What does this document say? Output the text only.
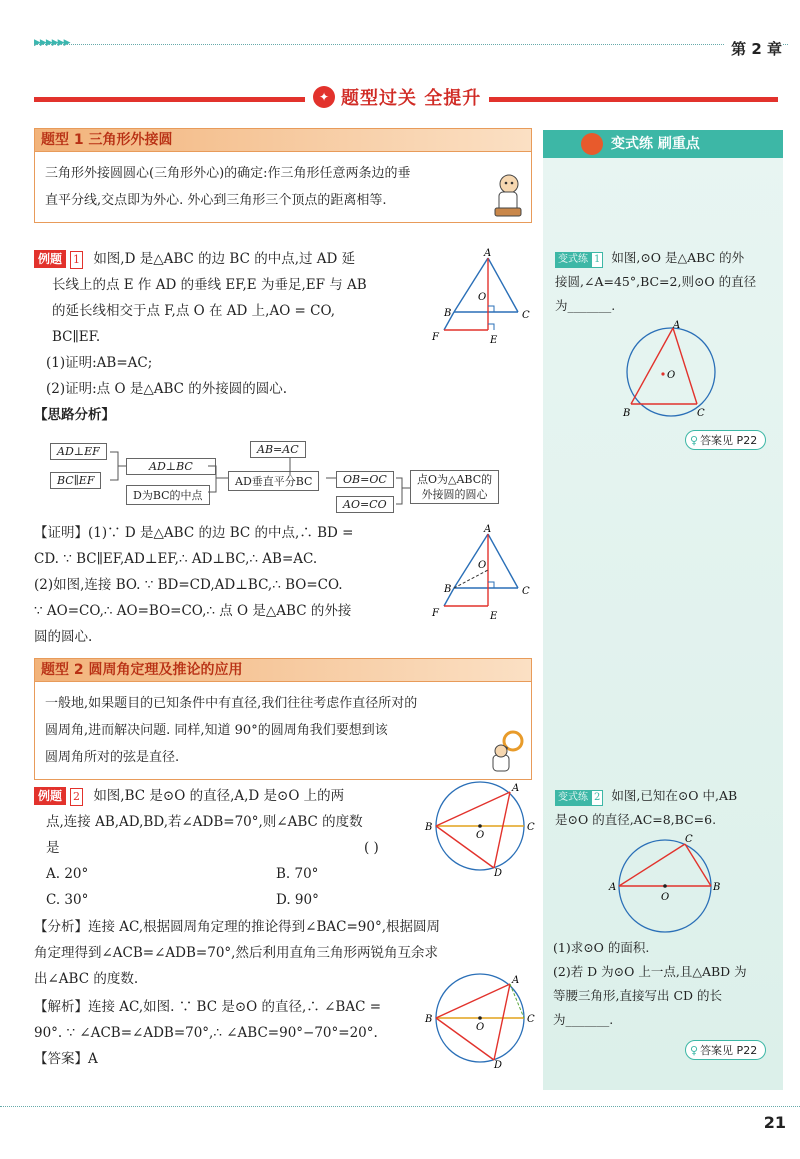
▶▶▶▶▶▶	第 2 章
✦ 题型过关 全提升
题型 1 三角形外接圆
三角形外接圆圆心(三角形外心)的确定:作三角形任意两条边的垂
直平分线,交点即为外心. 外心到三角形三个顶点的距离相等.
例题 1 如图,D 是△ABC 的边 BC 的中点,过 AD 延
长线上的点 E 作 AD 的垂线 EF,E 为垂足,EF 与 AB
的延长线相交于点 F,点 O 在 AD 上,AO = CO,
BC∥EF.
(1)证明:AB=AC;
(2)证明:点 O 是△ABC 的外接圆的圆心.
【思路分析】
A
O
B	C
F	E
AD⊥EF
BC∥EF
AD⊥BC
D为BC的中点
AB=AC
AD垂直平分BC	OB=OC
AO=CO
点O为△ABC的
外接圆的圆心
【证明】(1)∵ D 是△ABC 的边 BC 的中点,∴ BD =
CD. ∵ BC∥EF,AD⊥EF,∴ AD⊥BC,∴ AB=AC.
(2)如图,连接 BO. ∵ BD=CD,AD⊥BC,∴ BO=CO.
∵ AO=CO,∴ AO=BO=CO,∴ 点 O 是△ABC 的外接
圆的圆心.
A
O
B	C
F	E
题型 2 圆周角定理及推论的应用
一般地,如果题目的已知条件中有直径,我们往往考虑作直径所对的
圆周角,进而解决问题. 同样,知道 90°的圆周角我们要想到该
圆周角所对的弦是直径.
例题 2 如图,BC 是⊙O 的直径,A,D 是⊙O 上的两
点,连接 AB,AD,BD,若∠ADB=70°,则∠ABC 的度数
是	( )
A. 20°	B. 70°
C. 30°	D. 90°
A
B	C
D
O
【分析】连接 AC,根据圆周角定理的推论得到∠BAC=90°,根据圆周
角定理得到∠ACB=∠ADB=70°,然后利用直角三角形两锐角互余求
出∠ABC 的度数.
【解析】连接 AC,如图. ∵ BC 是⊙O 的直径,∴ ∠BAC =
90°. ∵ ∠ACB=∠ADB=70°,∴ ∠ABC=90°−70°=20°.
【答案】A
A
B	C
D
O
变式练 刷重点
变式练 1 如图,⊙O 是△ABC 的外
接圆,∠A=45°,BC=2,则⊙O 的直径
为_______.
A
O
B	C
♀ 答案见 P22
变式练 2 如图,已知在⊙O 中,AB
是⊙O 的直径,AC=8,BC=6.
A
O
B
C
(1)求⊙O 的面积.
(2)若 D 为⊙O 上一点,且△ABD 为
等腰三角形,直接写出 CD 的长
为_______.
♀ 答案见 P22
21
